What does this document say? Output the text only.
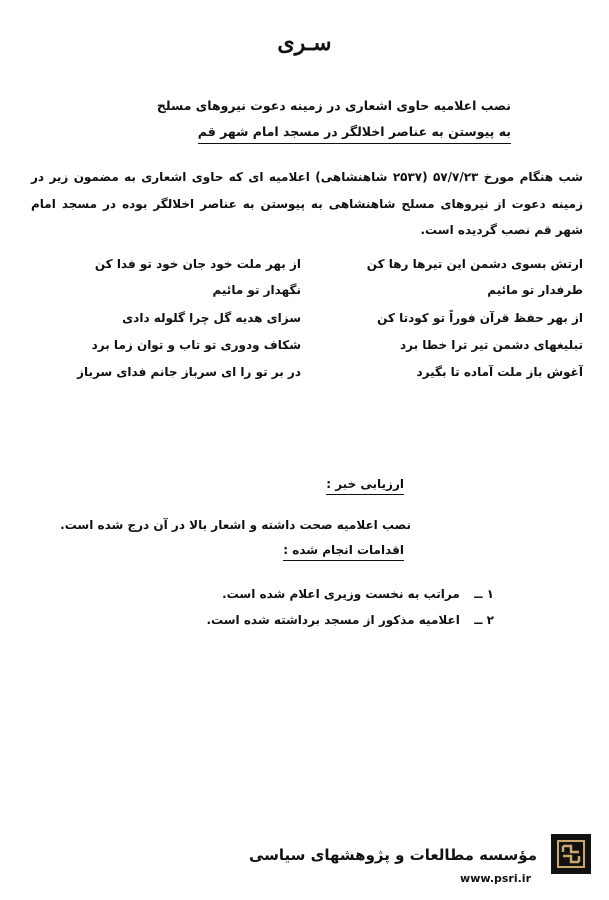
سـری
نصب اعلامیه حاوی اشعاری در زمینه دعوت نیروهای مسلح
به پیوستن به عناصر اخلالگر در مسجد امام شهر قم
شب هنگام مورخ ۵۷/۷/۲۳ (۲۵۳۷ شاهنشاهی) اعلامیه ای که حاوی اشعاری به مضمون زیر در زمینه دعوت از نیروهای مسلح شاهنشاهی به پیوستن به عناصر اخلالگر بوده در مسجد امام شهر قم نصب گردیده است.
ارتش بسوی دشمن این تیرها رها کن
از بهر ملت خود جان خود تو فدا کن
طرفدار تو مائیم
نگهدار تو مائیم
از بهر حفظ قرآن فوراً تو کودتا کن
سزای هدیه گل چرا گلوله دادی
تبلیغهای دشمن تیر ترا خطا برد
شکاف ودوری تو تاب و توان زما برد
آغوش باز ملت آماده تا بگیرد
در بر تو را ای سرباز جانم فدای سرباز
ارزیابی خبر :
نصب اعلامیه صحت داشته و اشعار بالا در آن درج شده است.
اقدامات انجام شده :
۱ ــ مراتب به نخست وزیری اعلام شده است.
۲ ــ اعلامیه مذکور از مسجد برداشته شده است.
مؤسسه مطالعات و پژوهشهای سیاسی
www.psri.ir
